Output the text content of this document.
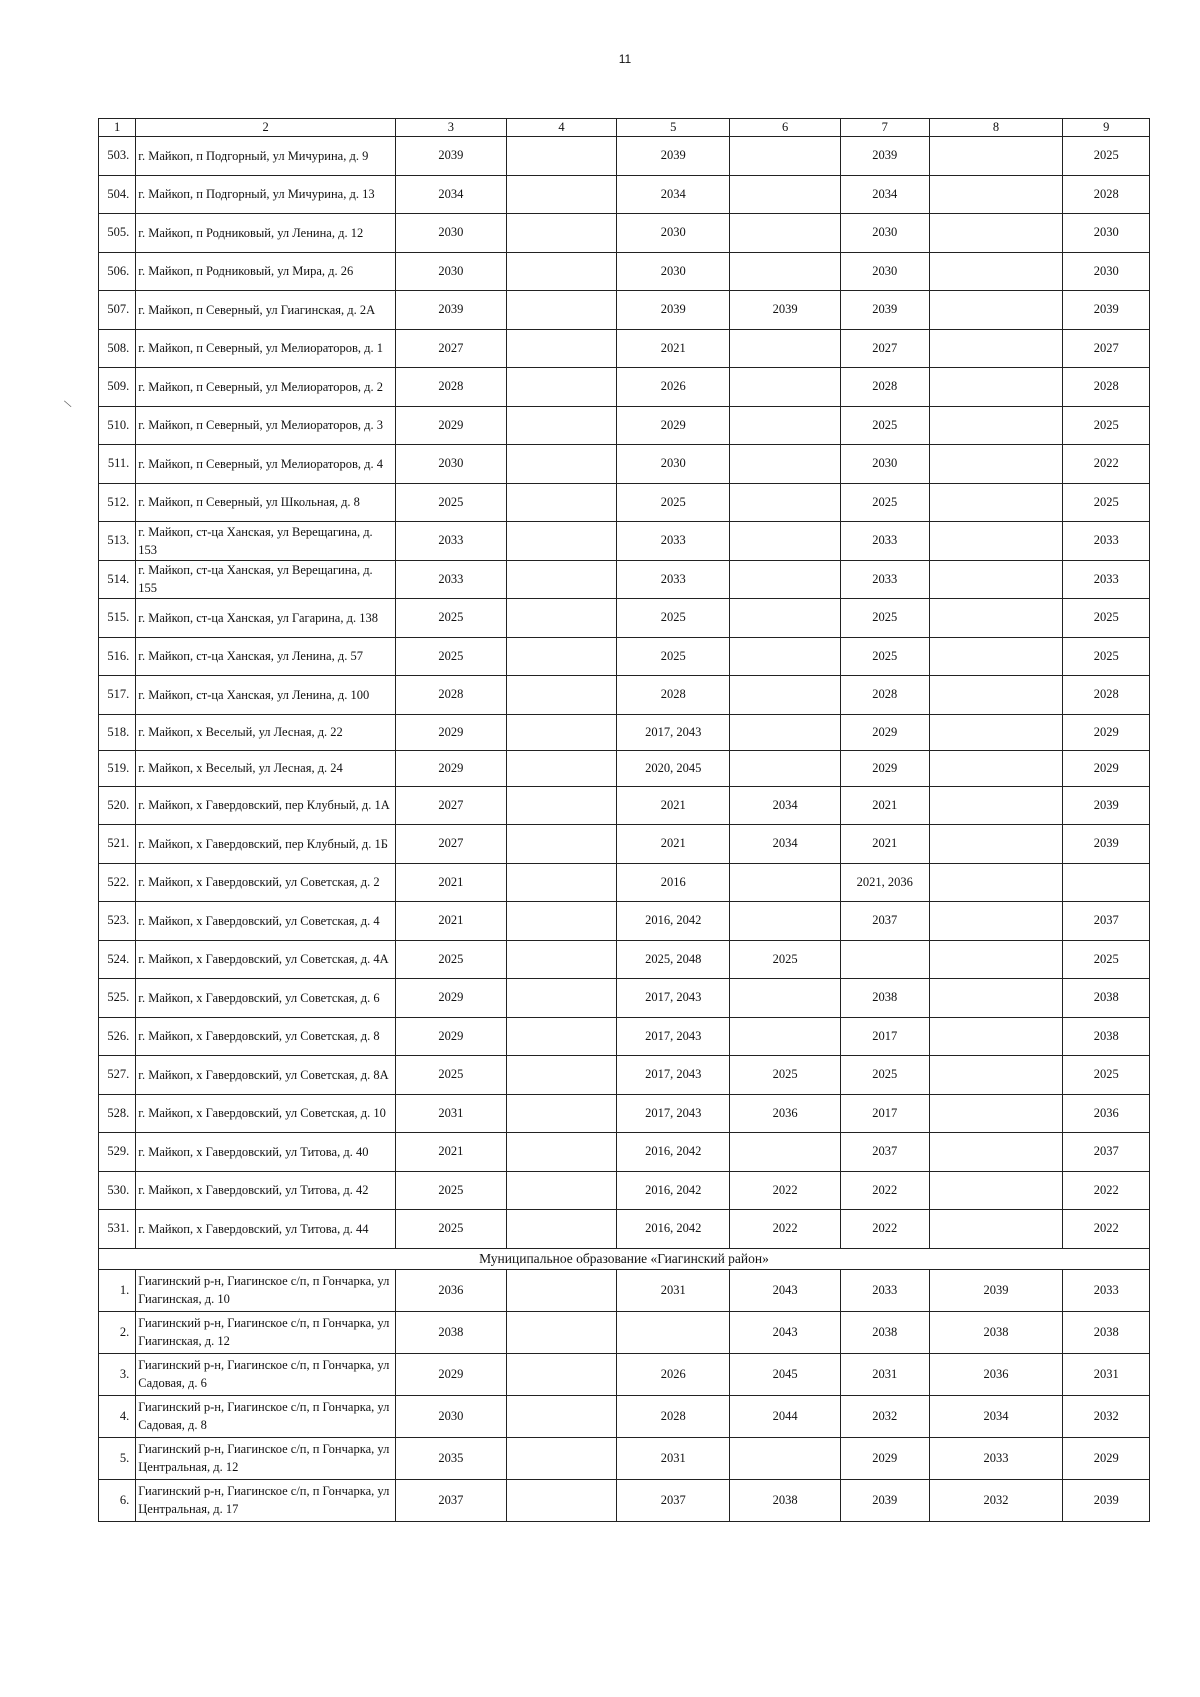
11
\
1	2	3	4	5	6	7	8	9
503.	г. Майкоп, п Подгорный, ул Мичурина, д. 9	2039		2039		2039		2025
504.	г. Майкоп, п Подгорный, ул Мичурина, д. 13	2034		2034		2034		2028
505.	г. Майкоп, п Родниковый, ул Ленина, д. 12	2030		2030		2030		2030
506.	г. Майкоп, п Родниковый, ул Мира, д. 26	2030		2030		2030		2030
507.	г. Майкоп, п Северный, ул Гиагинская, д. 2А	2039		2039	2039	2039		2039
508.	г. Майкоп, п Северный, ул Мелиораторов, д. 1	2027		2021		2027		2027
509.	г. Майкоп, п Северный, ул Мелиораторов, д. 2	2028		2026		2028		2028
510.	г. Майкоп, п Северный, ул Мелиораторов, д. 3	2029		2029		2025		2025
511.	г. Майкоп, п Северный, ул Мелиораторов, д. 4	2030		2030		2030		2022
512.	г. Майкоп, п Северный, ул Школьная, д. 8	2025		2025		2025		2025
513.	г. Майкоп, ст-ца Ханская, ул Верещагина, д. 153	2033		2033		2033		2033
514.	г. Майкоп, ст-ца Ханская, ул Верещагина, д. 155	2033		2033		2033		2033
515.	г. Майкоп, ст-ца Ханская, ул Гагарина, д. 138	2025		2025		2025		2025
516.	г. Майкоп, ст-ца Ханская, ул Ленина, д. 57	2025		2025		2025		2025
517.	г. Майкоп, ст-ца Ханская, ул Ленина, д. 100	2028		2028		2028		2028
518.	г. Майкоп, х Веселый, ул Лесная, д. 22	2029		2017, 2043		2029		2029
519.	г. Майкоп, х Веселый, ул Лесная, д. 24	2029		2020, 2045		2029		2029
520.	г. Майкоп, х Гавердовский, пер Клубный, д. 1А	2027		2021	2034	2021		2039
521.	г. Майкоп, х Гавердовский, пер Клубный, д. 1Б	2027		2021	2034	2021		2039
522.	г. Майкоп, х Гавердовский, ул Советская, д. 2	2021		2016		2021, 2036		
523.	г. Майкоп, х Гавердовский, ул Советская, д. 4	2021		2016, 2042		2037		2037
524.	г. Майкоп, х Гавердовский, ул Советская, д. 4А	2025		2025, 2048	2025			2025
525.	г. Майкоп, х Гавердовский, ул Советская, д. 6	2029		2017, 2043		2038		2038
526.	г. Майкоп, х Гавердовский, ул Советская, д. 8	2029		2017, 2043		2017		2038
527.	г. Майкоп, х Гавердовский, ул Советская, д. 8А	2025		2017, 2043	2025	2025		2025
528.	г. Майкоп, х Гавердовский, ул Советская, д. 10	2031		2017, 2043	2036	2017		2036
529.	г. Майкоп, х Гавердовский, ул Титова, д. 40	2021		2016, 2042		2037		2037
530.	г. Майкоп, х Гавердовский, ул Титова, д. 42	2025		2016, 2042	2022	2022		2022
531.	г. Майкоп, х Гавердовский, ул Титова, д. 44	2025		2016, 2042	2022	2022		2022
Муниципальное образование «Гиагинский район»								
1.	Гиагинский р-н, Гиагинское с/п, п Гончарка, ул Гиагинская, д. 10	2036		2031	2043	2033	2039	2033
2.	Гиагинский р-н, Гиагинское с/п, п Гончарка, ул Гиагинская, д. 12	2038			2043	2038	2038	2038
3.	Гиагинский р-н, Гиагинское с/п, п Гончарка, ул Садовая, д. 6	2029		2026	2045	2031	2036	2031
4.	Гиагинский р-н, Гиагинское с/п, п Гончарка, ул Садовая, д. 8	2030		2028	2044	2032	2034	2032
5.	Гиагинский р-н, Гиагинское с/п, п Гончарка, ул Центральная, д. 12	2035		2031		2029	2033	2029
6.	Гиагинский р-н, Гиагинское с/п, п Гончарка, ул Центральная, д. 17	2037		2037	2038	2039	2032	2039
